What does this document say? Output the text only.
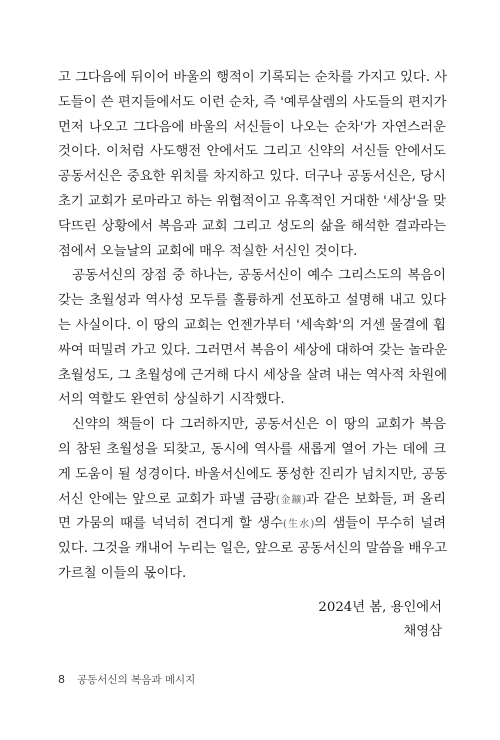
고 그다음에 뒤이어 바울의 행적이 기록되는 순차를 가지고 있다. 사
도들이 쓴 편지들에서도 이런 순차, 즉 '예루살렘의 사도들의 편지가
먼저 나오고 그다음에 바울의 서신들이 나오는 순차'가 자연스러운
것이다. 이처럼 사도행전 안에서도 그리고 신약의 서신들 안에서도
공동서신은 중요한 위치를 차지하고 있다. 더구나 공동서신은, 당시
초기 교회가 로마라고 하는 위협적이고 유혹적인 거대한 '세상'을 맞
닥뜨린 상황에서 복음과 교회 그리고 성도의 삶을 해석한 결과라는
점에서 오늘날의 교회에 매우 적실한 서신인 것이다.
공동서신의 장점 중 하나는, 공동서신이 예수 그리스도의 복음이
갖는 초월성과 역사성 모두를 훌륭하게 선포하고 설명해 내고 있다
는 사실이다. 이 땅의 교회는 언젠가부터 '세속화'의 거센 물결에 휩
싸여 떠밀려 가고 있다. 그러면서 복음이 세상에 대하여 갖는 놀라운
초월성도, 그 초월성에 근거해 다시 세상을 살려 내는 역사적 차원에
서의 역할도 완연히 상실하기 시작했다.
신약의 책들이 다 그러하지만, 공동서신은 이 땅의 교회가 복음
의 참된 초월성을 되찾고, 동시에 역사를 새롭게 열어 가는 데에 크
게 도움이 될 성경이다. 바울서신에도 풍성한 진리가 넘치지만, 공동
서신 안에는 앞으로 교회가 파낼 금광(金鑛)과 같은 보화들, 퍼 올리
면 가뭄의 때를 넉넉히 견디게 할 생수(生水)의 샘들이 무수히 널려
있다. 그것을 캐내어 누리는 일은, 앞으로 공동서신의 말씀을 배우고
가르칠 이들의 몫이다.
2024년 봄, 용인에서
채영삼
8 공동서신의 복음과 메시지
